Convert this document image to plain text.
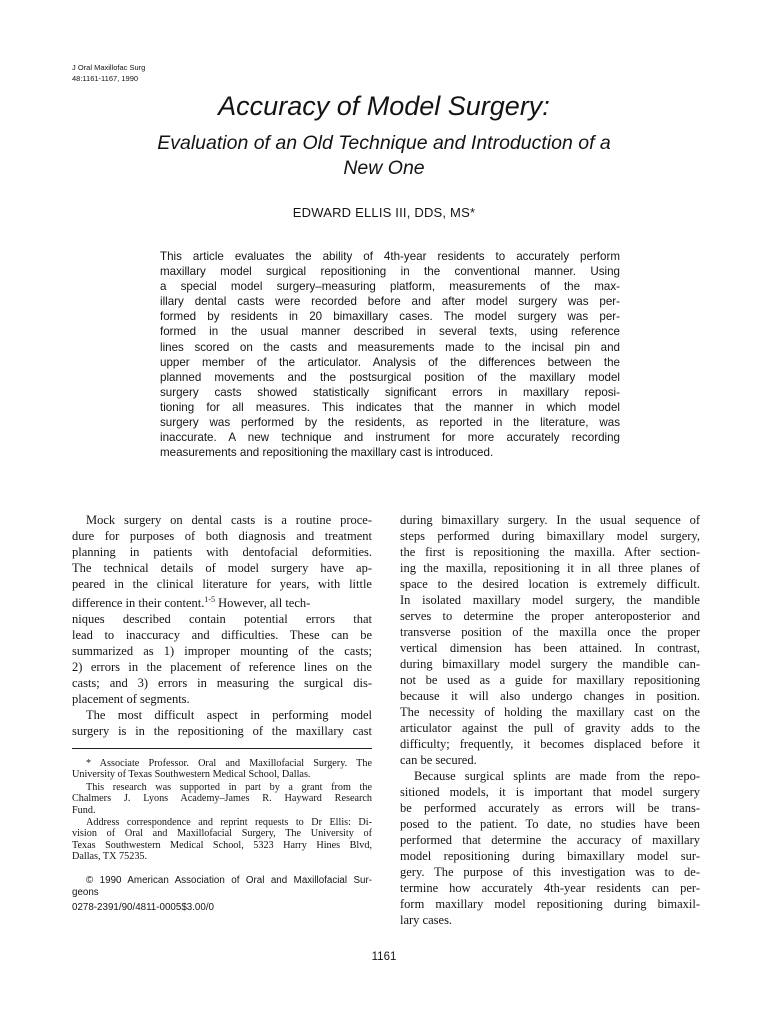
J Oral Maxillofac Surg
48:1161-1167, 1990
Accuracy of Model Surgery:
Evaluation of an Old Technique and Introduction of a
New One
EDWARD ELLIS III, DDS, MS*
This article evaluates the ability of 4th-year residents to accurately perform
maxillary model surgical repositioning in the conventional manner. Using
a special model surgery–measuring platform, measurements of the max-
illary dental casts were recorded before and after model surgery was per-
formed by residents in 20 bimaxillary cases. The model surgery was per-
formed in the usual manner described in several texts, using reference
lines scored on the casts and measurements made to the incisal pin and
upper member of the articulator. Analysis of the differences between the
planned movements and the postsurgical position of the maxillary model
surgery casts showed statistically significant errors in maxillary reposi-
tioning for all measures. This indicates that the manner in which model
surgery was performed by the residents, as reported in the literature, was
inaccurate. A new technique and instrument for more accurately recording
measurements and repositioning the maxillary cast is introduced.
Mock surgery on dental casts is a routine proce-
dure for purposes of both diagnosis and treatment
planning in patients with dentofacial deformities.
The technical details of model surgery have ap-
peared in the clinical literature for years, with little
difference in their content.$^{1-5}$ However, all tech-
niques described contain potential errors that
lead to inaccuracy and difficulties. These can be
summarized as 1) improper mounting of the casts;
2) errors in the placement of reference lines on the
casts; and 3) errors in measuring the surgical dis-
placement of segments.
The most difficult aspect in performing model
surgery is in the repositioning of the maxillary cast
* Associate Professor. Oral and Maxillofacial Surgery. The
University of Texas Southwestern Medical School, Dallas.
This research was supported in part by a grant from the
Chalmers J. Lyons Academy–James R. Hayward Research
Fund.
Address correspondence and reprint requests to Dr Ellis: Di-
vision of Oral and Maxillofacial Surgery, The University of
Texas Southwestern Medical School, 5323 Harry Hines Blvd,
Dallas, TX 75235.
© 1990 American Association of Oral and Maxillofacial Sur-
geons
0278-2391/90/4811-0005$3.00/0
during bimaxillary surgery. In the usual sequence of
steps performed during bimaxillary model surgery,
the first is repositioning the maxilla. After section-
ing the maxilla, repositioning it in all three planes of
space to the desired location is extremely difficult.
In isolated maxillary model surgery, the mandible
serves to determine the proper anteroposterior and
transverse position of the maxilla once the proper
vertical dimension has been attained. In contrast,
during bimaxillary model surgery the mandible can-
not be used as a guide for maxillary repositioning
because it will also undergo changes in position.
The necessity of holding the maxillary cast on the
articulator against the pull of gravity adds to the
difficulty; frequently, it becomes displaced before it
can be secured.
Because surgical splints are made from the repo-
sitioned models, it is important that model surgery
be performed accurately as errors will be trans-
posed to the patient. To date, no studies have been
performed that determine the accuracy of maxillary
model repositioning during bimaxillary model sur-
gery. The purpose of this investigation was to de-
termine how accurately 4th-year residents can per-
form maxillary model repositioning during bimaxil-
lary cases.
1161
